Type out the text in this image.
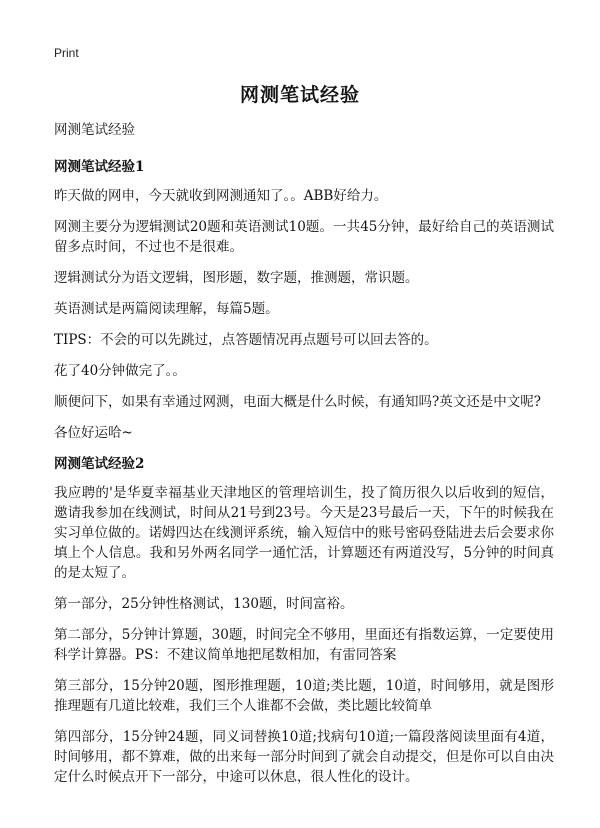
Print
网测笔试经验

网测笔试经验

网测笔试经验1

昨天做的网申，今天就收到网测通知了。。ABB好给力。

网测主要分为逻辑测试20题和英语测试10题。一共45分钟，最好给自己的英语测试留多点时间，不过也不是很难。

逻辑测试分为语文逻辑，图形题，数字题，推测题，常识题。

英语测试是两篇阅读理解，每篇5题。

TIPS：不会的可以先跳过，点答题情况再点题号可以回去答的。

花了40分钟做完了。。

顺便问下，如果有幸通过网测，电面大概是什么时候，有通知吗?英文还是中文呢?

各位好运哈~

网测笔试经验2

我应聘的'是华夏幸福基业天津地区的管理培训生，投了简历很久以后收到的短信，邀请我参加在线测试，时间从21号到23号。今天是23号最后一天，下午的时候我在实习单位做的。诺姆四达在线测评系统，输入短信中的账号密码登陆进去后会要求你填上个人信息。我和另外两名同学一通忙活，计算题还有两道没写，5分钟的时间真的是太短了。

第一部分，25分钟性格测试，130题，时间富裕。

第二部分，5分钟计算题，30题，时间完全不够用，里面还有指数运算，一定要使用科学计算器。PS：不建议简单地把尾数相加，有雷同答案

第三部分，15分钟20题，图形推理题，10道;类比题，10道，时间够用，就是图形推理题有几道比较难，我们三个人谁都不会做，类比题比较简单

第四部分，15分钟24题，同义词替换10道;找病句10道;一篇段落阅读里面有4道，时间够用，都不算难，做的出来每一部分时间到了就会自动提交，但是你可以自由决定什么时候点开下一部分，中途可以休息，很人性化的设计。
